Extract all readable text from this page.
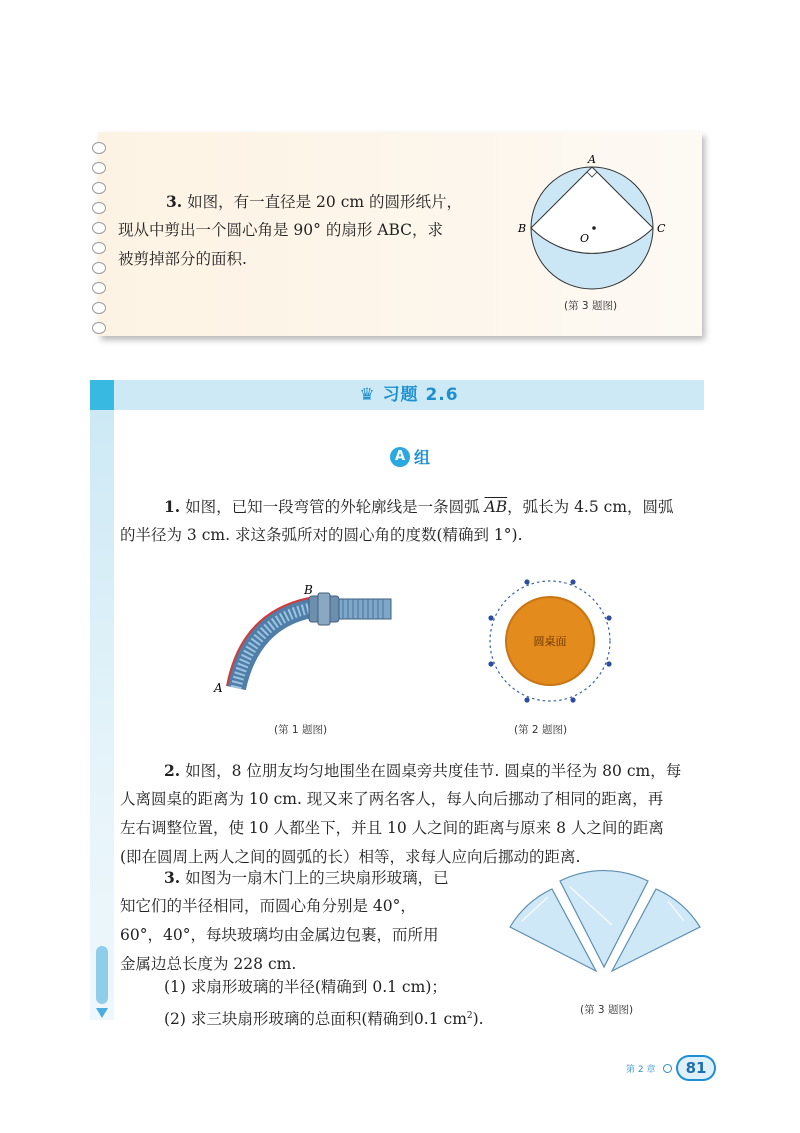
3. 如图，有一直径是 20 cm 的圆形纸片，
现从中剪出一个圆心角是 90° 的扇形 ABC，求
被剪掉部分的面积.
A
B	C
O
(第 3 题图)
♛ 习题 2.6
A 组
1. 如图，已知一段弯管的外轮廓线是一条圆弧 $\overline{AB}$，弧长为 4.5 cm，圆弧
的半径为 3 cm. 求这条弧所对的圆心角的度数(精确到 1°).
B
A
(第 1 题图)
圆桌面
(第 2 题图)
2. 如图，8 位朋友均匀地围坐在圆桌旁共度佳节. 圆桌的半径为 80 cm，每
人离圆桌的距离为 10 cm. 现又来了两名客人，每人向后挪动了相同的距离，再
左右调整位置，使 10 人都坐下，并且 10 人之间的距离与原来 8 人之间的距离
(即在圆周上两人之间的圆弧的长）相等，求每人应向后挪动的距离.
3. 如图为一扇木门上的三块扇形玻璃，已
知它们的半径相同，而圆心角分别是 40°，
60°，40°，每块玻璃均由金属边包裹，而所用
金属边总长度为 228 cm.
(1) 求扇形玻璃的半径(精确到 0.1 cm)；
(2) 求三块扇形玻璃的总面积(精确到0.1 $cm^2$).
(第 3 题图)
第 2 章	81
